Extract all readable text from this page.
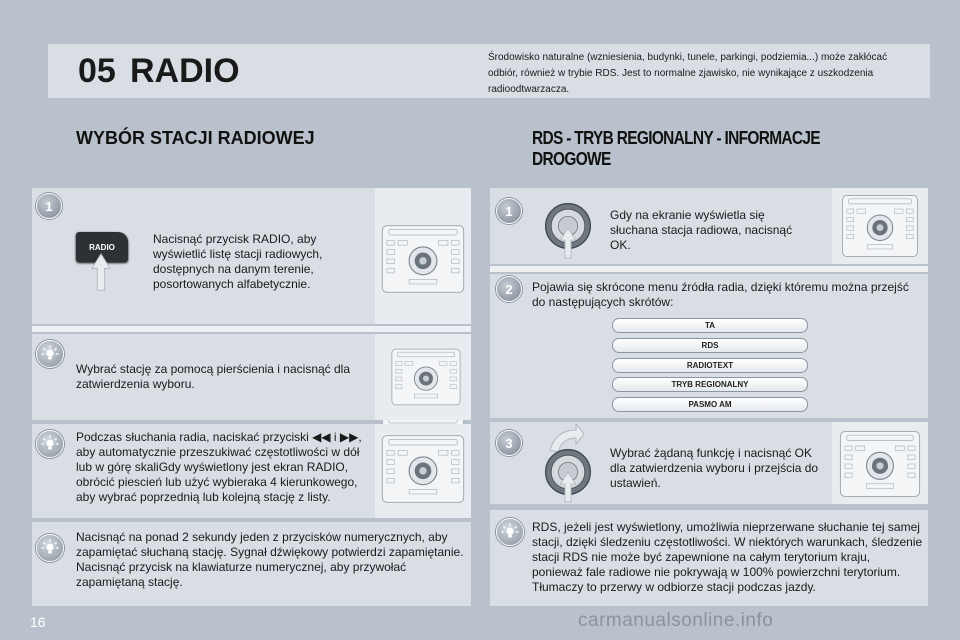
05 RADIO	Środowisko naturalne (wzniesienia, budynki, tunele, parkingi, podziemia...) może zakłócać odbiór, również w trybie RDS. Jest to normalne zjawisko, nie wynikające z uszkodzenia radioodtwarzacza.
WYBÓR STACJI RADIOWEJ	RDS - TRYB REGIONALNY - INFORMACJE DROGOWE
1
RADIO
Nacisnąć przycisk RADIO, aby wyświetlić listę stacji radiowych, dostępnych na danym terenie, posortowanych alfabetycznie.
Wybrać stację za pomocą pierścienia i nacisnąć dla zatwierdzenia wyboru.
Podczas słuchania radia, naciskać przyciski ◀◀ i ▶▶, aby automatycznie przeszukiwać częstotliwości w dół lub w górę skaliGdy wyświetlony jest ekran RADIO, obrócić piescień lub użyć wybieraka 4 kierunkowego, aby wybrać poprzednią lub kolejną stację z listy.
Nacisnąć na ponad 2 sekundy jeden z przycisków numerycznych, aby zapamiętać słuchaną stację. Sygnał dźwiękowy potwierdzi zapamiętanie.
Nacisnąć przycisk na klawiaturze numerycznej, aby przywołać zapamiętaną stację.
1	Gdy na ekranie wyświetla się słuchana stacja radiowa, nacisnąć OK.
2	Pojawia się skrócone menu źródła radia, dzięki któremu można przejść do następujących skrótów:
TA
RDS
RADIOTEXT
TRYB REGIONALNY
PASMO AM
3
Wybrać żądaną funkcję i nacisnąć OK dla zatwierdzenia wyboru i przejścia do ustawień.
RDS, jeżeli jest wyświetlony, umożliwia nieprzerwane słuchanie tej samej stacji, dzięki śledzeniu częstotliwości. W niektórych warunkach, śledzenie stacji RDS nie może być zapewnione na całym terytorium kraju, ponieważ fale radiowe nie pokrywają w 100% powierzchni terytorium. Tłumaczy to przerwy w odbiorze stacji podczas jazdy.
16	carmanualsonline.info
